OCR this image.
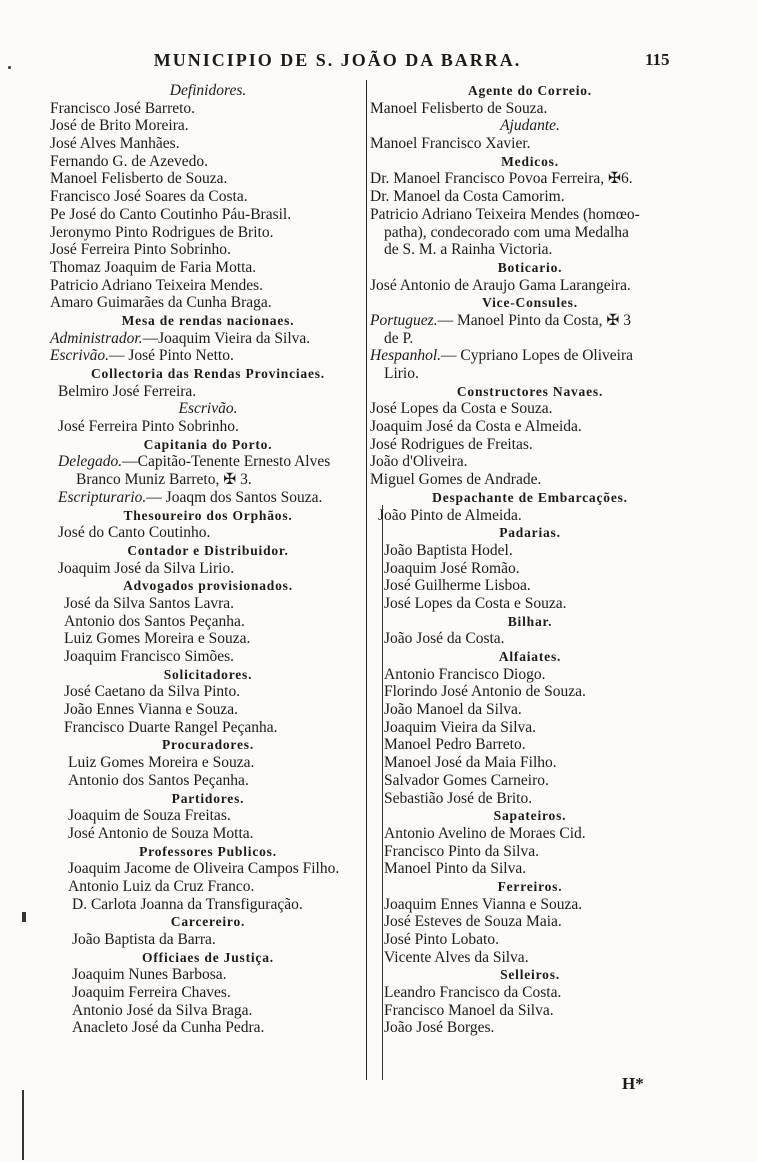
MUNICIPIO DE S. JOÃO DA BARRA.	115
Definidores.
Francisco José Barreto.
José de Brito Moreira.
José Alves Manhães.
Fernando G. de Azevedo.
Manoel Felisberto de Souza.
Francisco José Soares da Costa.
Pe José do Canto Coutinho Páu-Brasil.
Jeronymo Pinto Rodrigues de Brito.
José Ferreira Pinto Sobrinho.
Thomaz Joaquim de Faria Motta.
Patricio Adriano Teixeira Mendes.
Amaro Guimarães da Cunha Braga.
Mesa de rendas nacionaes.
Administrador.—Joaquim Vieira da Silva.
Escrivão.— José Pinto Netto.
Collectoria das Rendas Provinciaes.
Belmiro José Ferreira.
Escrivão.
José Ferreira Pinto Sobrinho.
Capitania do Porto.
Delegado.—Capitão-Tenente Ernesto Alves
Branco Muniz Barreto, ✠ 3.
Escripturario.— Joaqm dos Santos Souza.
Thesoureiro dos Orphãos.
José do Canto Coutinho.
Contador e Distribuidor.
Joaquim José da Silva Lirio.
Advogados provisionados.
José da Silva Santos Lavra.
Antonio dos Santos Peçanha.
Luiz Gomes Moreira e Souza.
Joaquim Francisco Simões.
Solicitadores.
José Caetano da Silva Pinto.
João Ennes Vianna e Souza.
Francisco Duarte Rangel Peçanha.
Procuradores.
Luiz Gomes Moreira e Souza.
Antonio dos Santos Peçanha.
Partidores.
Joaquim de Souza Freitas.
José Antonio de Souza Motta.
Professores Publicos.
Joaquim Jacome de Oliveira Campos Filho.
Antonio Luiz da Cruz Franco.
D. Carlota Joanna da Transfiguração.
Carcereiro.
João Baptista da Barra.
Officiaes de Justiça.
Joaquim Nunes Barbosa.
Joaquim Ferreira Chaves.
Antonio José da Silva Braga.
Anacleto José da Cunha Pedra.
Agente do Correio.
Manoel Felisberto de Souza.
Ajudante.
Manoel Francisco Xavier.
Medicos.
Dr. Manoel Francisco Povoa Ferreira, ✠6.
Dr. Manoel da Costa Camorim.
Patricio Adriano Teixeira Mendes (homœo-
patha), condecorado com uma Medalha
de S. M. a Rainha Victoria.
Boticario.
José Antonio de Araujo Gama Larangeira.
Vice-Consules.
Portuguez.— Manoel Pinto da Costa, ✠ 3
de P.
Hespanhol.— Cypriano Lopes de Oliveira
Lirio.
Constructores Navaes.
José Lopes da Costa e Souza.
Joaquim José da Costa e Almeida.
José Rodrigues de Freitas.
João d'Oliveira.
Miguel Gomes de Andrade.
Despachante de Embarcações.
João Pinto de Almeida.
Padarias.
João Baptista Hodel.
Joaquim José Romão.
José Guilherme Lisboa.
José Lopes da Costa e Souza.
Bilhar.
João José da Costa.
Alfaiates.
Antonio Francisco Diogo.
Florindo José Antonio de Souza.
João Manoel da Silva.
Joaquim Vieira da Silva.
Manoel Pedro Barreto.
Manoel José da Maia Filho.
Salvador Gomes Carneiro.
Sebastião José de Brito.
Sapateiros.
Antonio Avelino de Moraes Cid.
Francisco Pinto da Silva.
Manoel Pinto da Silva.
Ferreiros.
Joaquim Ennes Vianna e Souza.
José Esteves de Souza Maia.
José Pinto Lobato.
Vicente Alves da Silva.
Selleiros.
Leandro Francisco da Costa.
Francisco Manoel da Silva.
João José Borges.
H*
